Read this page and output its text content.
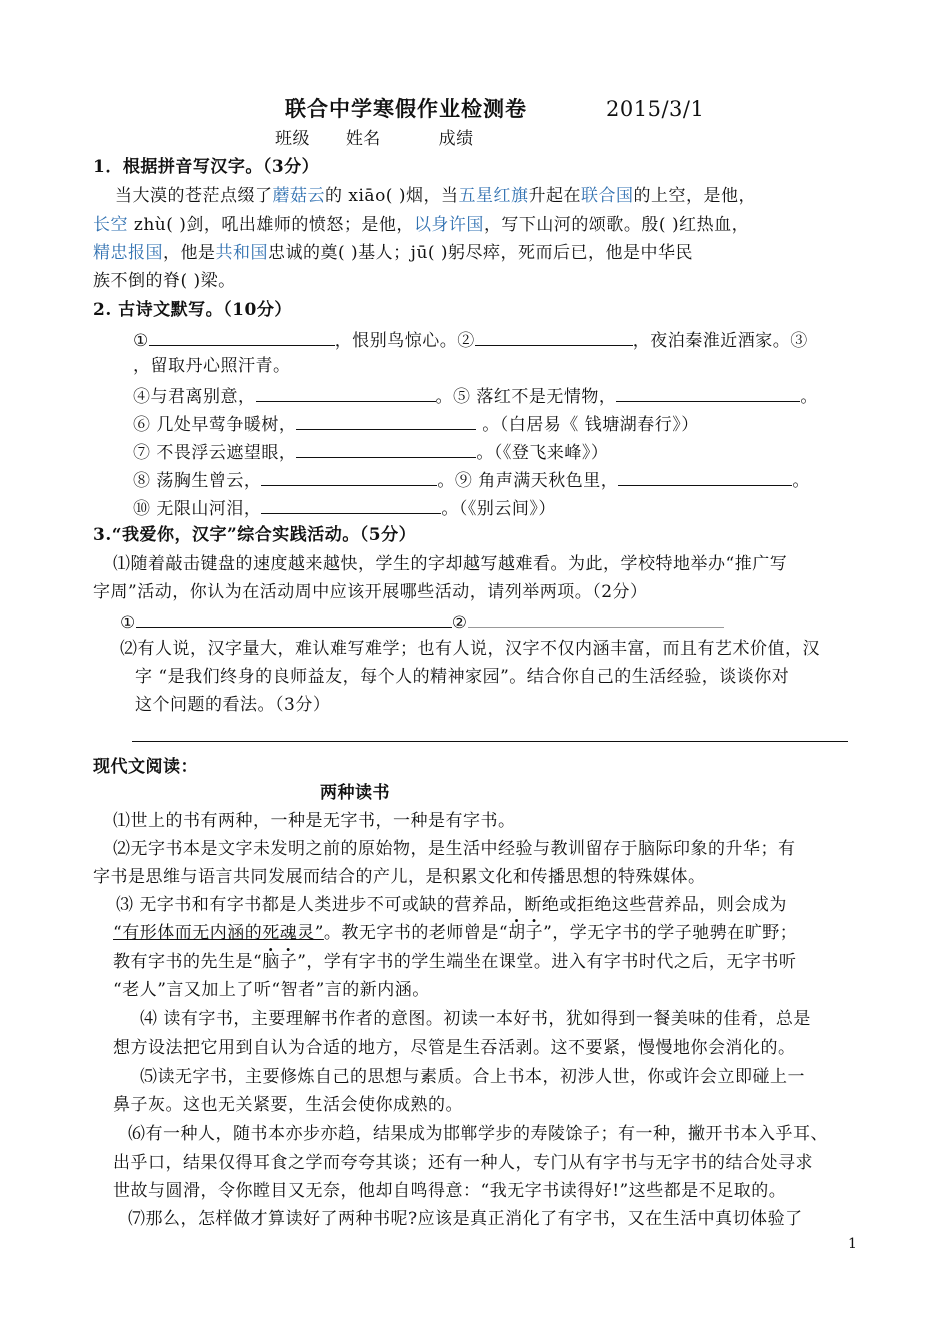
联合中学寒假作业检测卷	2015/3/1
班级 姓名	成绩
1．根据拼音写汉字。（3分）
当大漠的苍茫点缀了蘑菇云的 xiāo( )烟，当五星红旗升起在联合国的上空，是他，
长空 zhù( )剑，吼出雄师的愤怒；是他，以身许国，写下山河的颂歌。殷( )红热血，
精忠报国，他是共和国忠诚的奠( )基人；jū( )躬尽瘁，死而后已，他是中华民
族不倒的脊( )梁。
2. 古诗文默写。（10分）
①	，恨别鸟惊心。②	，夜泊秦淮近酒家。③
，留取丹心照汗青。
④与君离别意，	。⑤ 落红不是无情物，	。
⑥ 几处早莺争暖树，	。（白居易《 钱塘湖春行》）
⑦ 不畏浮云遮望眼，	。（《登飞来峰》）
⑧ 荡胸生曾云，	。⑨ 角声满天秋色里，	。
⑩ 无限山河泪，	。（《别云间》）
3.“我爱你，汉字”综合实践活动。（5分）
⑴随着敲击键盘的速度越来越快，学生的字却越写越难看。为此，学校特地举办“推广写
字周”活动，你认为在活动周中应该开展哪些活动，请列举两项。（2分）
①	②
⑵有人说，汉字量大，难认难写难学；也有人说，汉字不仅内涵丰富，而且有艺术价值，汉
字 “是我们终身的良师益友，每个人的精神家园”。结合你自己的生活经验，谈谈你对
这个问题的看法。（3分）
现代文阅读：
两种读书
⑴世上的书有两种，一种是无字书，一种是有字书。
⑵无字书本是文字未发明之前的原始物，是生活中经验与教训留存于脑际印象的升华；有
字书是思维与语言共同发展而结合的产儿，是积累文化和传播思想的特殊媒体。
⑶ 无字书和有字书都是人类进步不可或缺的营养品，断绝或拒绝这些营养品，则会成为
“有形体而无内涵的死魂灵”。教无字书的老师曾是“胡子”，学无字书的学子驰骋在旷野；
教有字书的先生是“脑子”，学有字书的学生端坐在课堂。进入有字书时代之后，无字书听
“老人”言又加上了听“智者”言的新内涵。
⑷ 读有字书，主要理解书作者的意图。初读一本好书，犹如得到一餐美味的佳肴，总是
想方设法把它用到自认为合适的地方，尽管是生吞活剥。这不要紧，慢慢地你会消化的。
⑸读无字书，主要修炼自己的思想与素质。合上书本，初涉人世，你或许会立即碰上一
鼻子灰。这也无关紧要，生活会使你成熟的。
⑹有一种人，随书本亦步亦趋，结果成为邯郸学步的寿陵馀子；有一种，撇开书本入乎耳、
出乎口，结果仅得耳食之学而夸夸其谈；还有一种人，专门从有字书与无字书的结合处寻求
世故与圆滑，令你瞠目又无奈，他却自鸣得意：“我无字书读得好!”这些都是不足取的。
⑺那么，怎样做才算读好了两种书呢?应该是真正消化了有字书，又在生活中真切体验了
1
